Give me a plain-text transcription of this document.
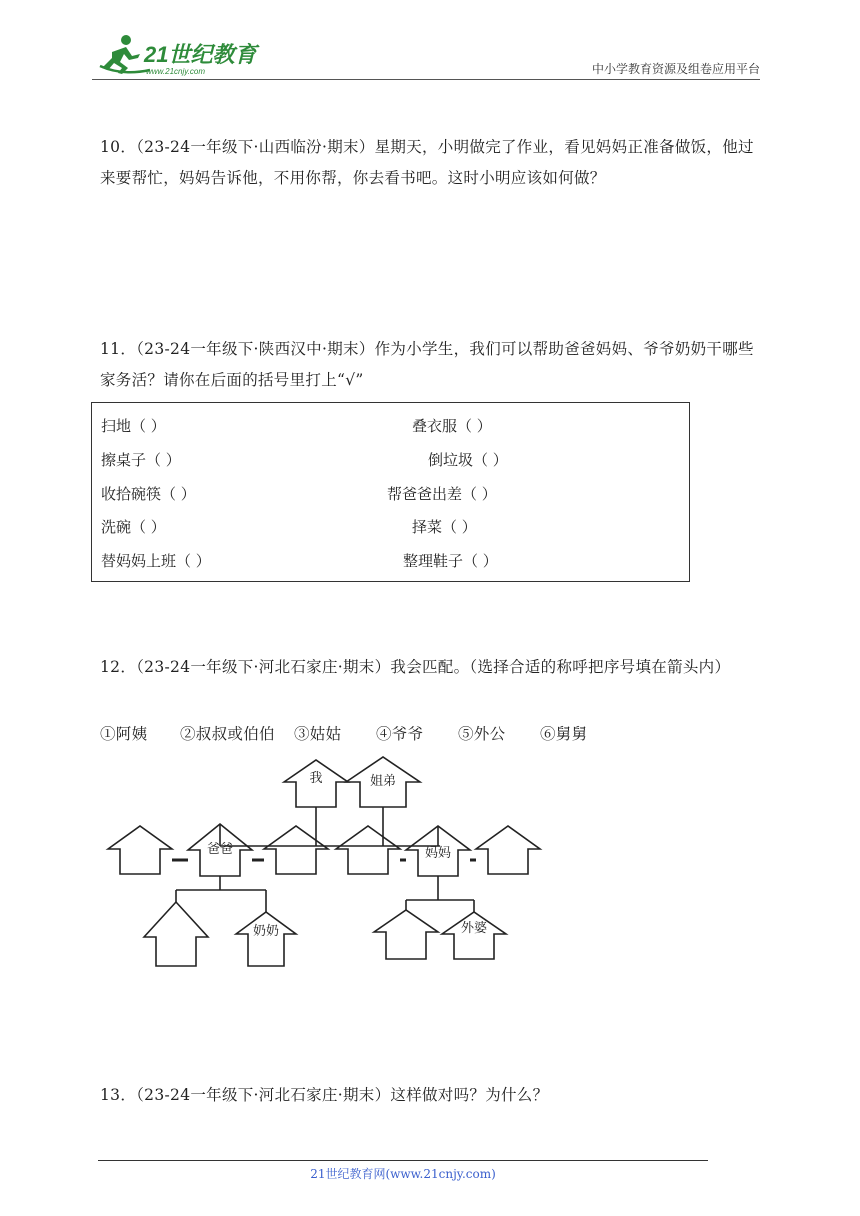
21世纪教育
www.21cnjy.com	中小学教育资源及组卷应用平台
10．（23-24一年级下·山西临汾·期末）星期天，小明做完了作业，看见妈妈正准备做饭，他过来要帮忙，妈妈告诉他，不用你帮，你去看书吧。这时小明应该如何做？
11．（23-24一年级下·陕西汉中·期末）作为小学生，我们可以帮助爸爸妈妈、爷爷奶奶干哪些家务活？请你在后面的括号里打上“√”
扫地（ ）	叠衣服（ ）
擦桌子（ ）	倒垃圾（ ）
收拾碗筷（ ）	帮爸爸出差（ ）
洗碗（ ）	择菜（ ）
替妈妈上班（ ）	整理鞋子（ ）
12．（23-24一年级下·河北石家庄·期末）我会匹配。（选择合适的称呼把序号填在箭头内）
①阿姨 ②叔叔或伯伯 ③姑姑 ④爷爷 ⑤外公 ⑥舅舅
我	姐弟
爸爸	妈妈
奶奶	外婆
13．（23-24一年级下·河北石家庄·期末）这样做对吗？为什么？
21世纪教育网(www.21cnjy.com)
